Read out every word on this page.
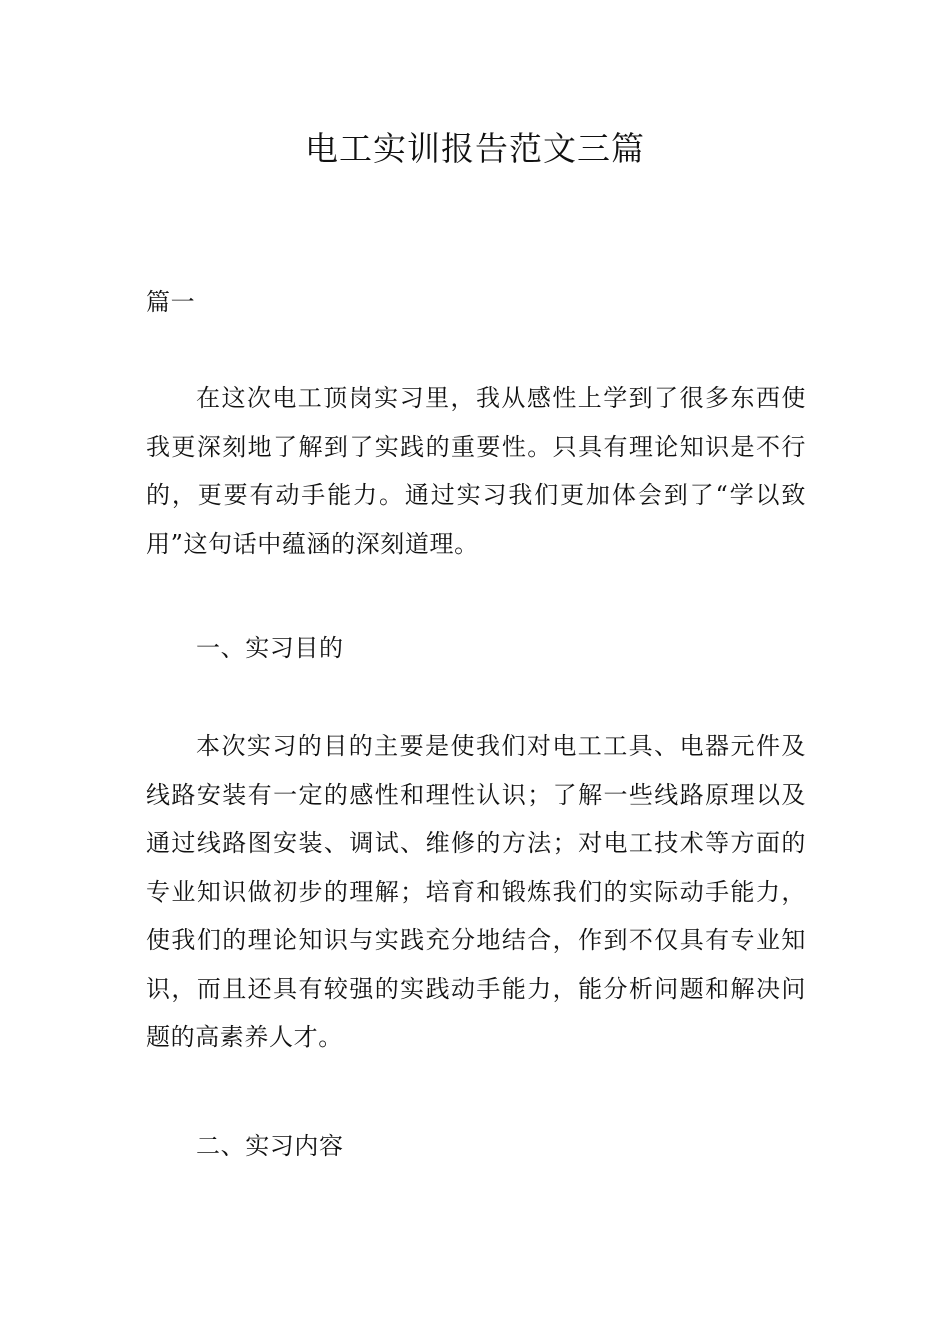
电工实训报告范文三篇

篇一

在这次电工顶岗实习里，我从感性上学到了很多东西使我更深刻地了解到了实践的重要性。只具有理论知识是不行的，更要有动手能力。通过实习我们更加体会到了“学以致用”这句话中蕴涵的深刻道理。

一、实习目的

本次实习的目的主要是使我们对电工工具、电器元件及线路安装有一定的感性和理性认识；了解一些线路原理以及通过线路图安装、调试、维修的方法；对电工技术等方面的专业知识做初步的理解；培育和锻炼我们的实际动手能力，使我们的理论知识与实践充分地结合，作到不仅具有专业知识，而且还具有较强的实践动手能力，能分析问题和解决问题的高素养人才。

二、实习内容
